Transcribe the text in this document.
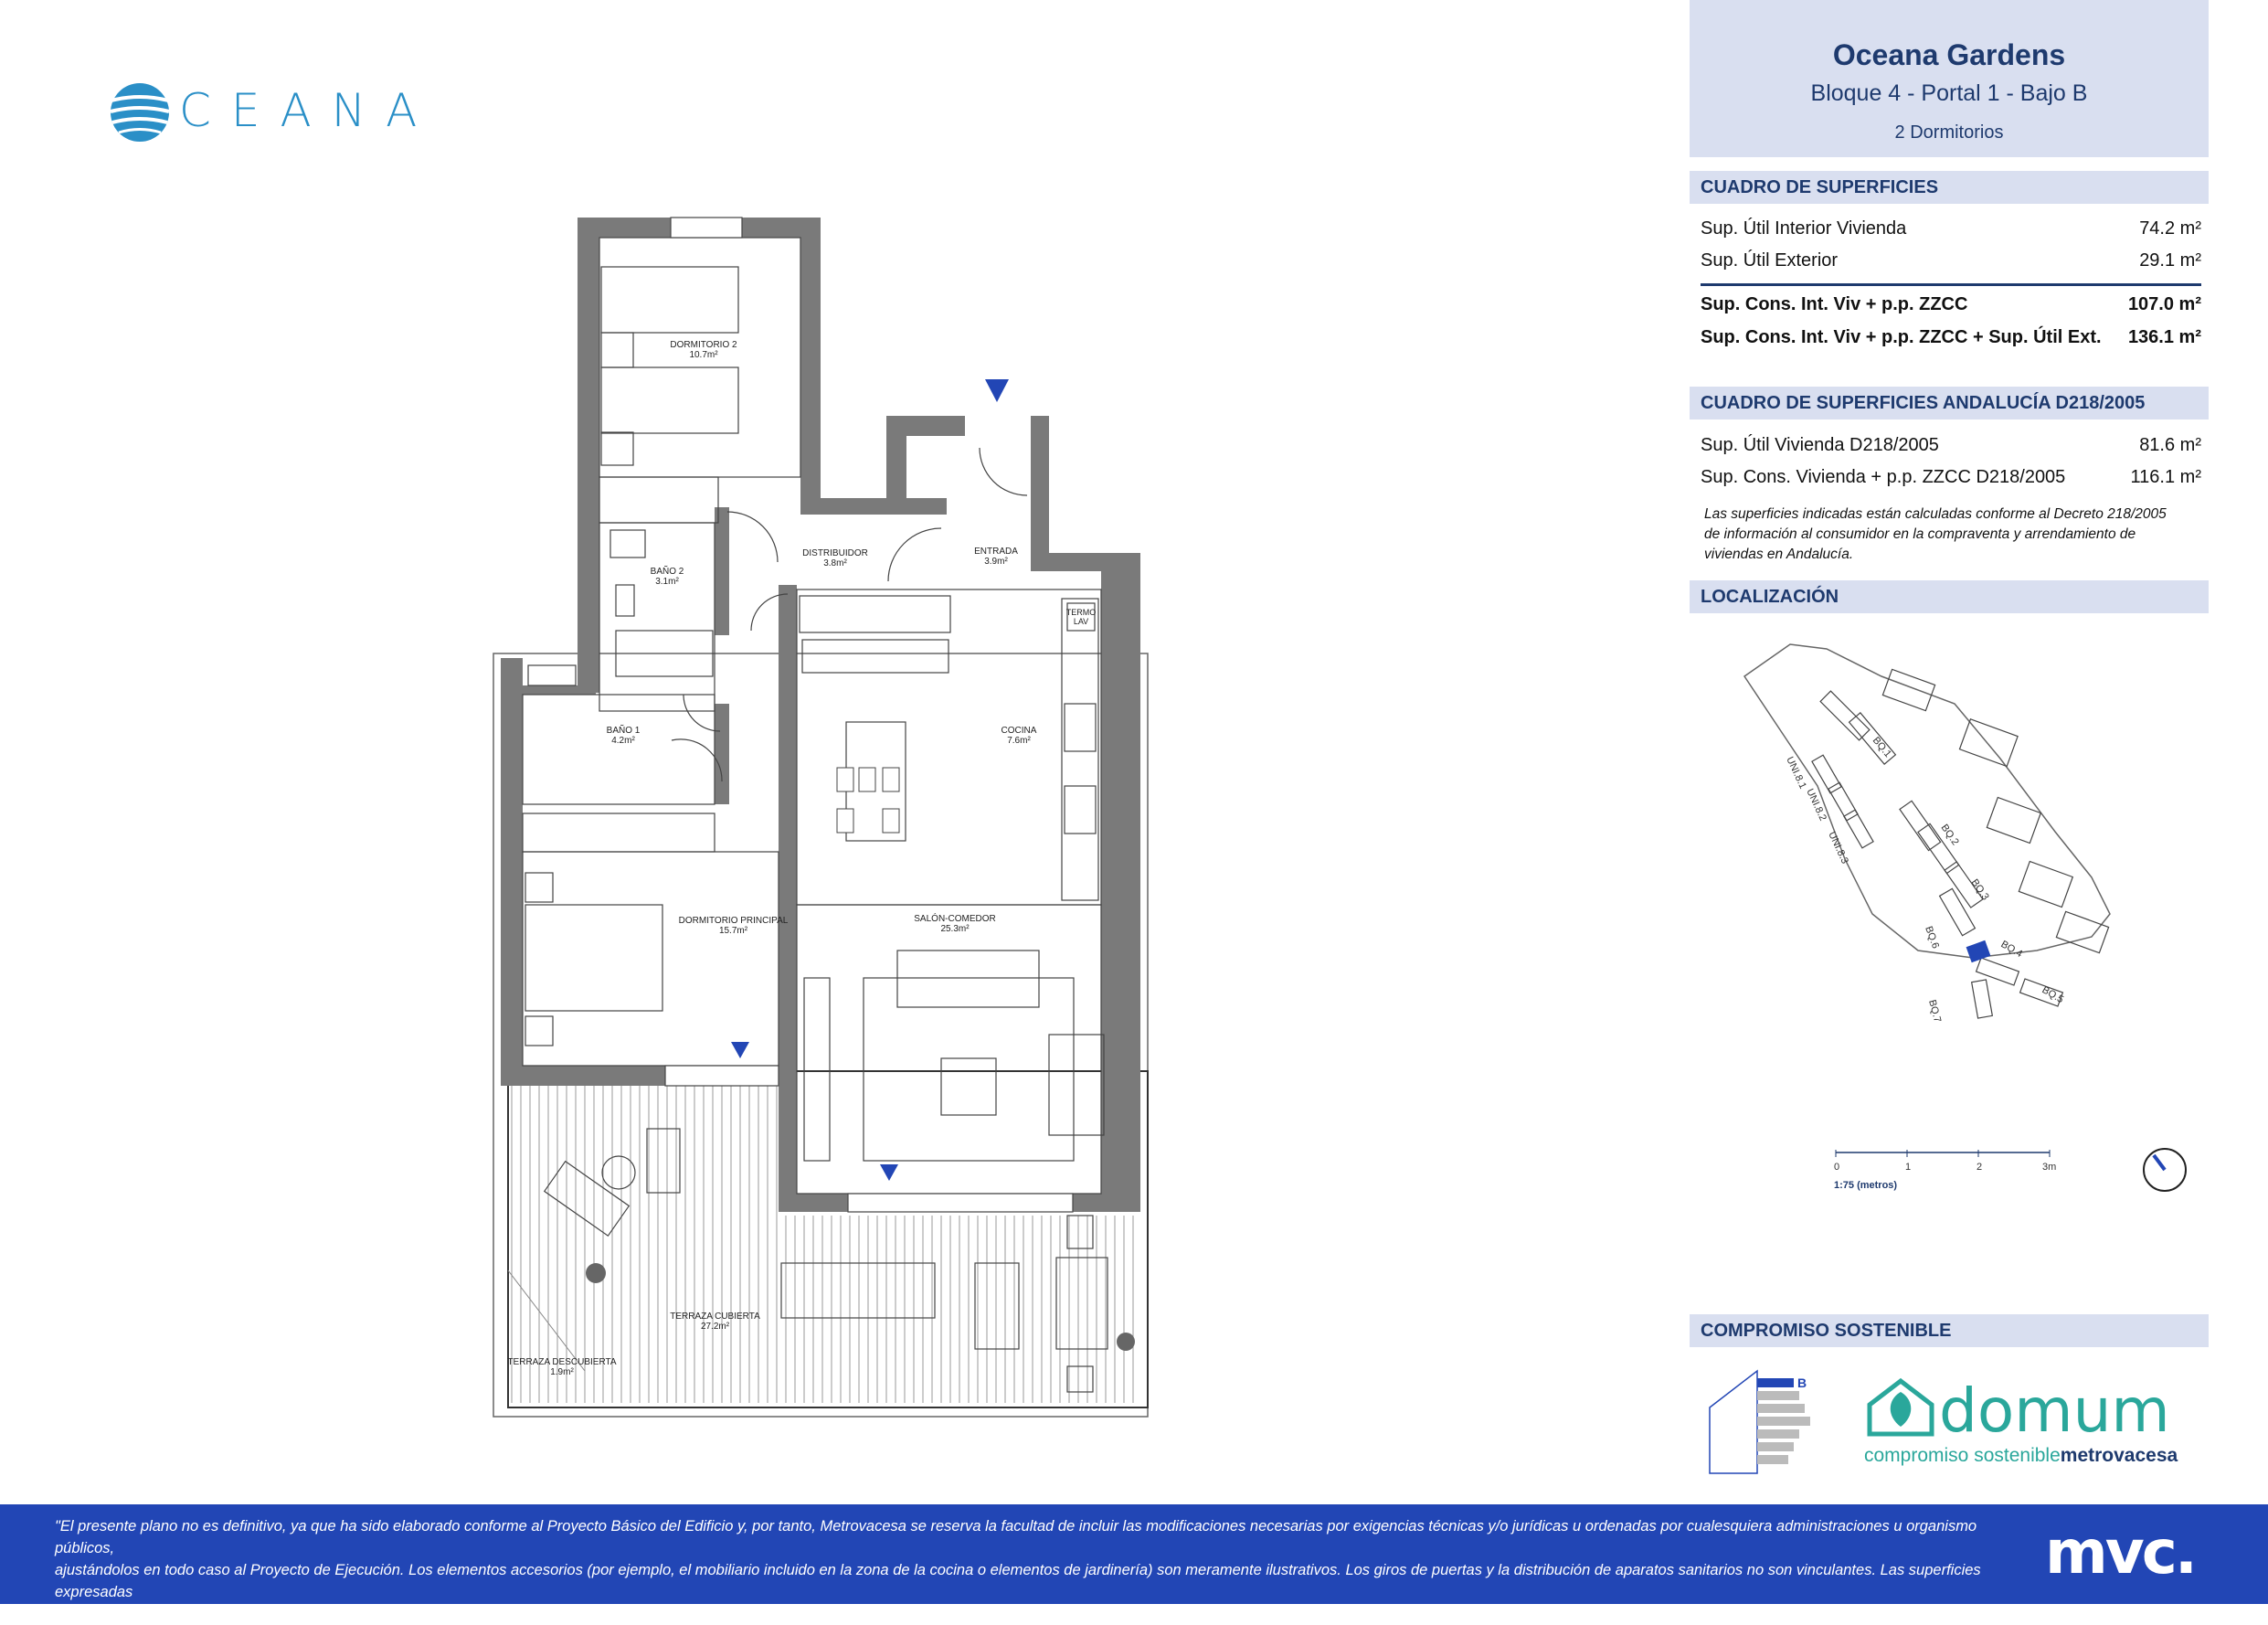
CEANA
DORMITORIO 2
10.7m²
BAÑO 2
3.1m²
DISTRIBUIDOR
3.8m²
ENTRADA
3.9m²
TERMO
LAV
BAÑO 1
4.2m²
COCINA
7.6m²
DORMITORIO PRINCIPAL
15.7m²
SALÓN-COMEDOR
25.3m²
TERRAZA CUBIERTA
27.2m²
TERRAZA DESCUBIERTA
1.9m²
Oceana Gardens
Bloque 4 - Portal 1 - Bajo B
2 Dormitorios
CUADRO DE SUPERFICIES
Sup. Útil Interior Vivienda	74.2 m²
Sup. Útil Exterior	29.1 m²
Sup. Cons. Int. Viv + p.p. ZZCC	107.0 m²
Sup. Cons. Int. Viv + p.p. ZZCC + Sup. Útil Ext. 136.1 m²
CUADRO DE SUPERFICIES ANDALUCÍA D218/2005
Sup. Útil Vivienda D218/2005	81.6 m²
Sup. Cons. Vivienda + p.p. ZZCC D218/2005	116.1 m²
Las superficies indicadas están calculadas conforme al Decreto 218/2005
de información al consumidor en la compraventa y arrendamiento de
viviendas en Andalucía.
LOCALIZACIÓN
BQ.1
BQ.2
BQ.3
BQ.4
BQ.5
BQ.6
BQ.7
UNI.8.1
UNI.8.2
UNI.8.3
0	1	2	3m
1:75 (metros)
COMPROMISO SOSTENIBLE
B domum
compromiso sosteniblemetrovacesa
"El presente plano no es definitivo, ya que ha sido elaborado conforme al Proyecto Básico del Edificio y, por tanto, Metrovacesa se reserva la facultad de incluir las modificaciones necesarias por exigencias técnicas y/o jurídicas u ordenadas por cualesquiera administraciones u organismo públicos,
ajustándolos en todo caso al Proyecto de Ejecución. Los elementos accesorios (por ejemplo, el mobiliario incluido en la zona de la cocina o elementos de jardinería) son meramente ilustrativos. Los giros de puertas y la distribución de aparatos sanitarios no son vinculantes. Las superficies expresadas
son aproximadas, pudiendo experimentar modificaciones por razones de índole técnico y/o legal en el desarrollo de la ejecución de las obras".
mvc.
